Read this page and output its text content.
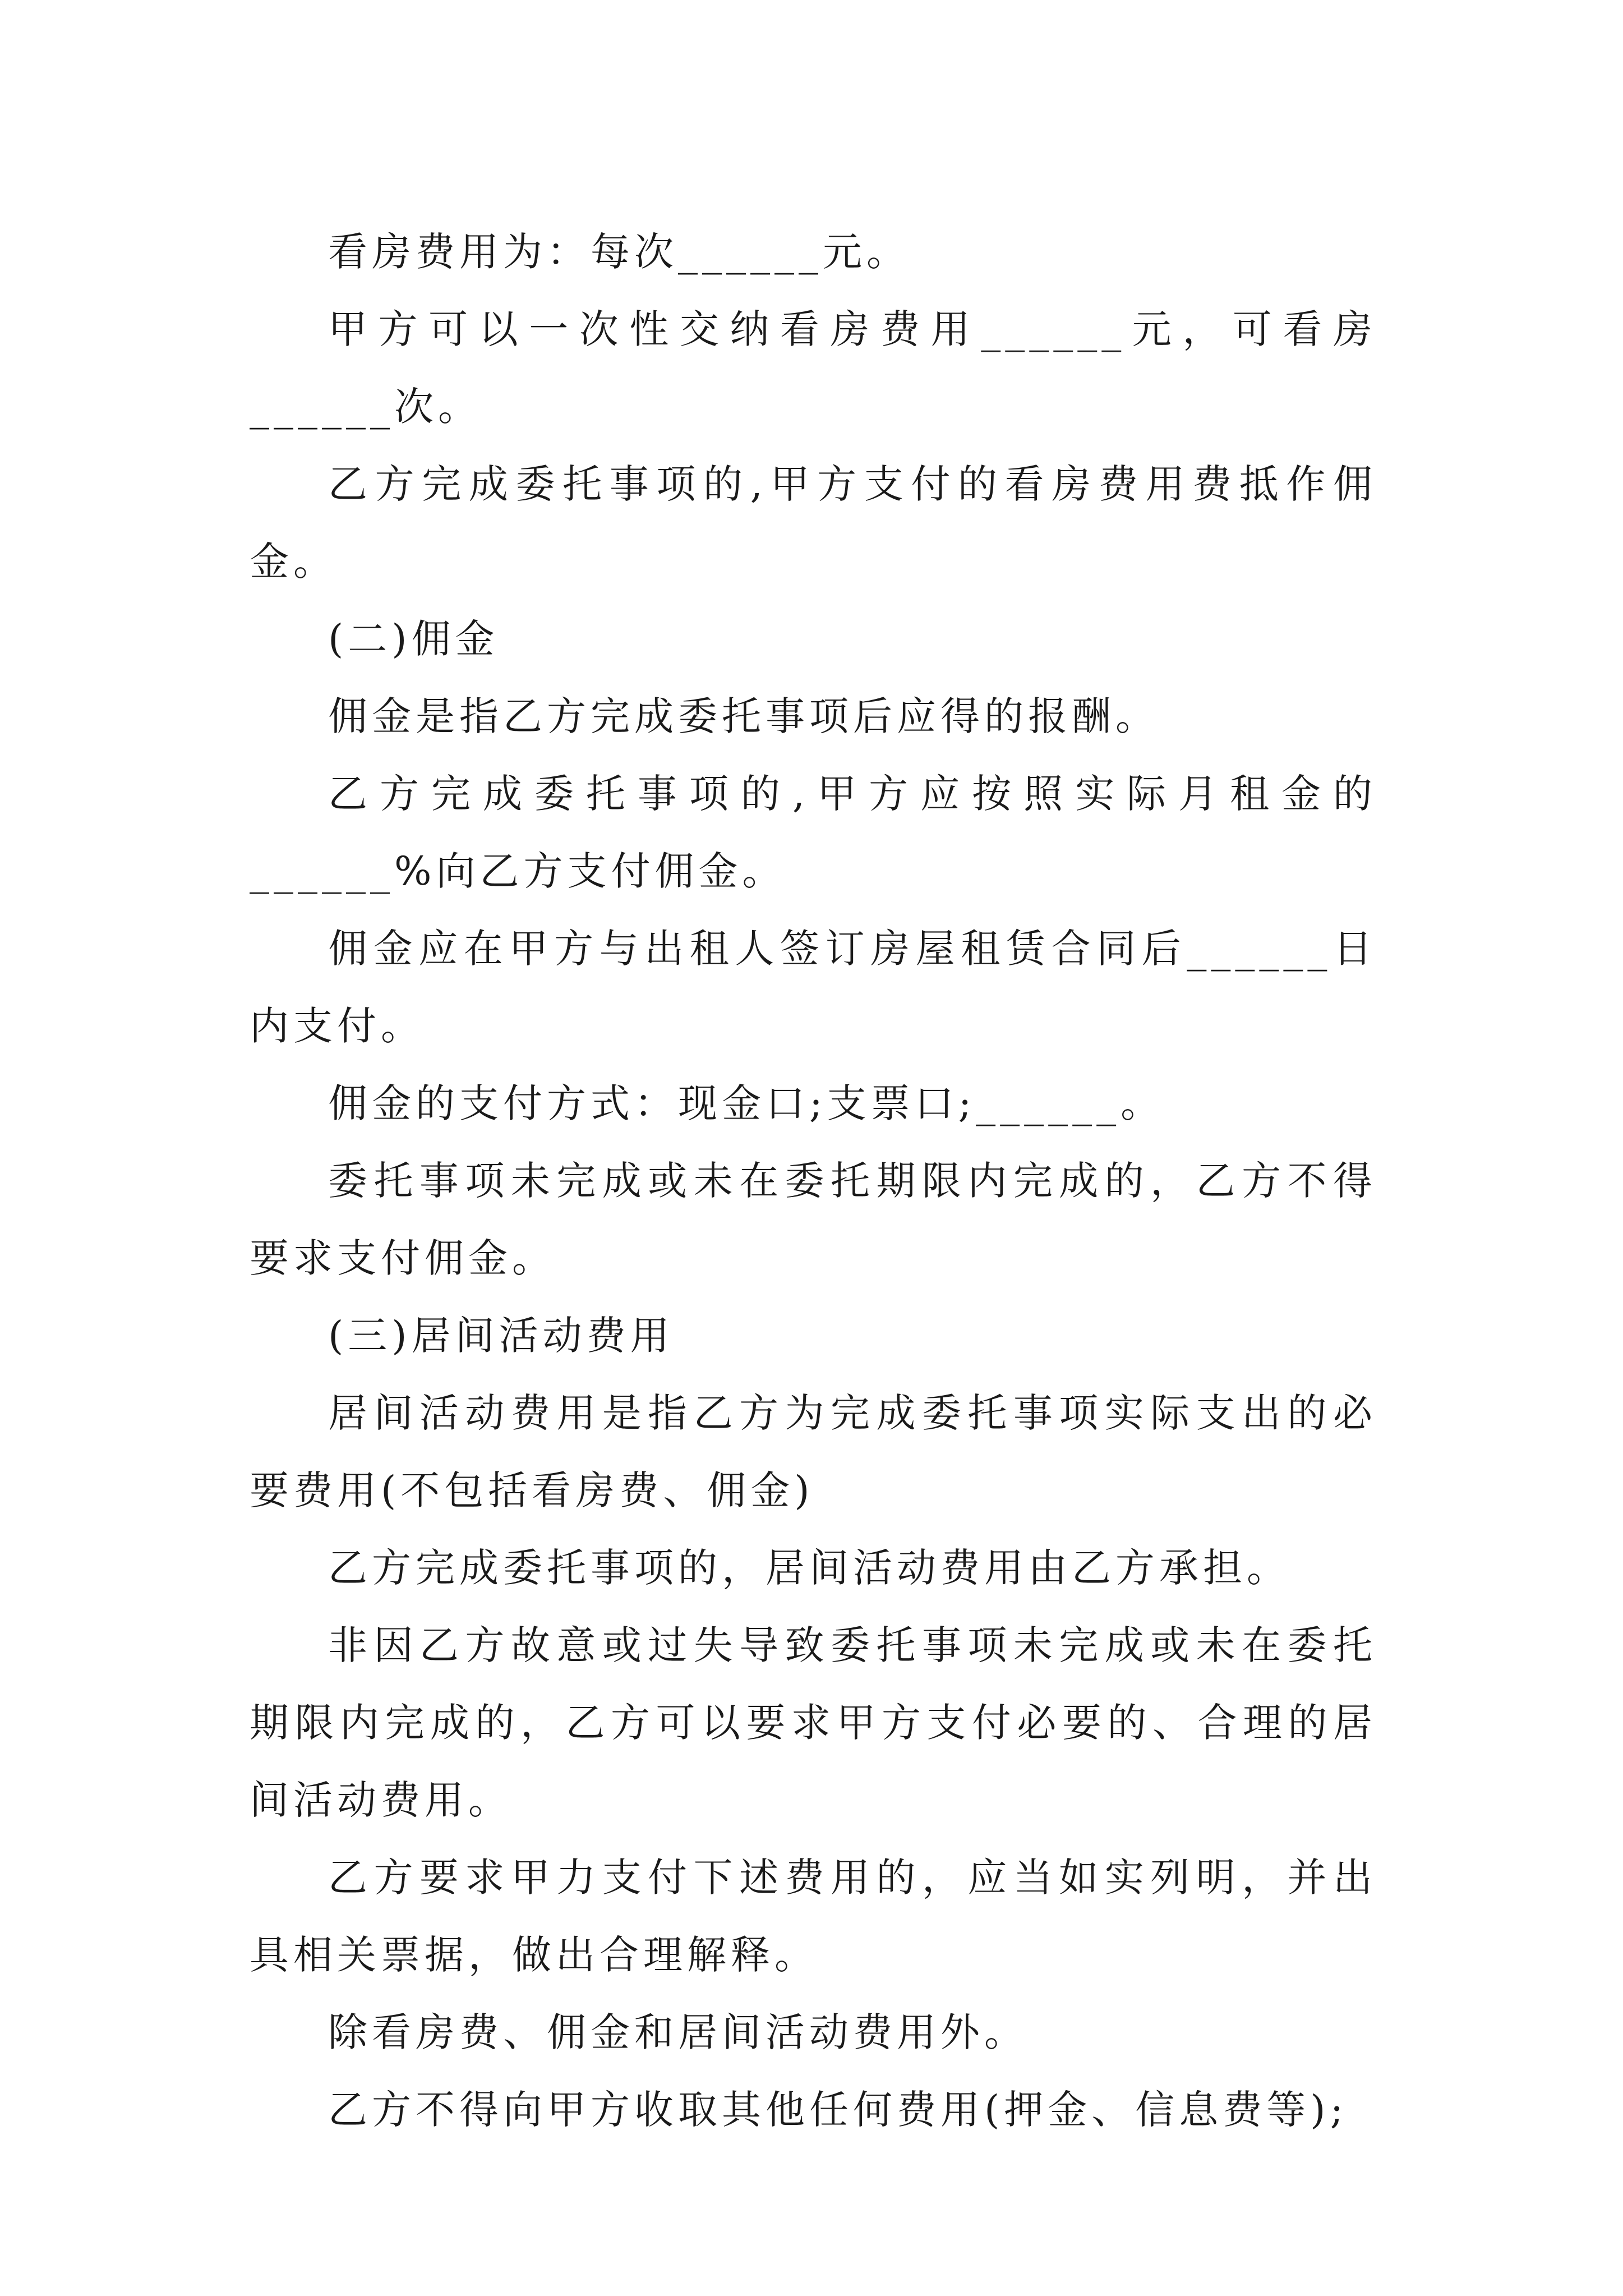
看房费用为：每次______元。

甲方可以一次性交纳看房费用______元，可看房______次。

乙方完成委托事项的,甲方支付的看房费用费抵作佣金。

(二)佣金

佣金是指乙方完成委托事项后应得的报酬。

乙方完成委托事项的,甲方应按照实际月租金的______%向乙方支付佣金。

佣金应在甲方与出租人签订房屋租赁合同后______日内支付。

佣金的支付方式：现金口;支票口;______。

委托事项未完成或未在委托期限内完成的，乙方不得要求支付佣金。

(三)居间活动费用

居间活动费用是指乙方为完成委托事项实际支出的必要费用(不包括看房费、佣金)

乙方完成委托事项的，居间活动费用由乙方承担。

非因乙方故意或过失导致委托事项未完成或未在委托期限内完成的，乙方可以要求甲方支付必要的、合理的居间活动费用。

乙方要求甲力支付下述费用的，应当如实列明，并出具相关票据，做出合理解释。

除看房费、佣金和居间活动费用外。

乙方不得向甲方收取其他任何费用(押金、信息费等);
